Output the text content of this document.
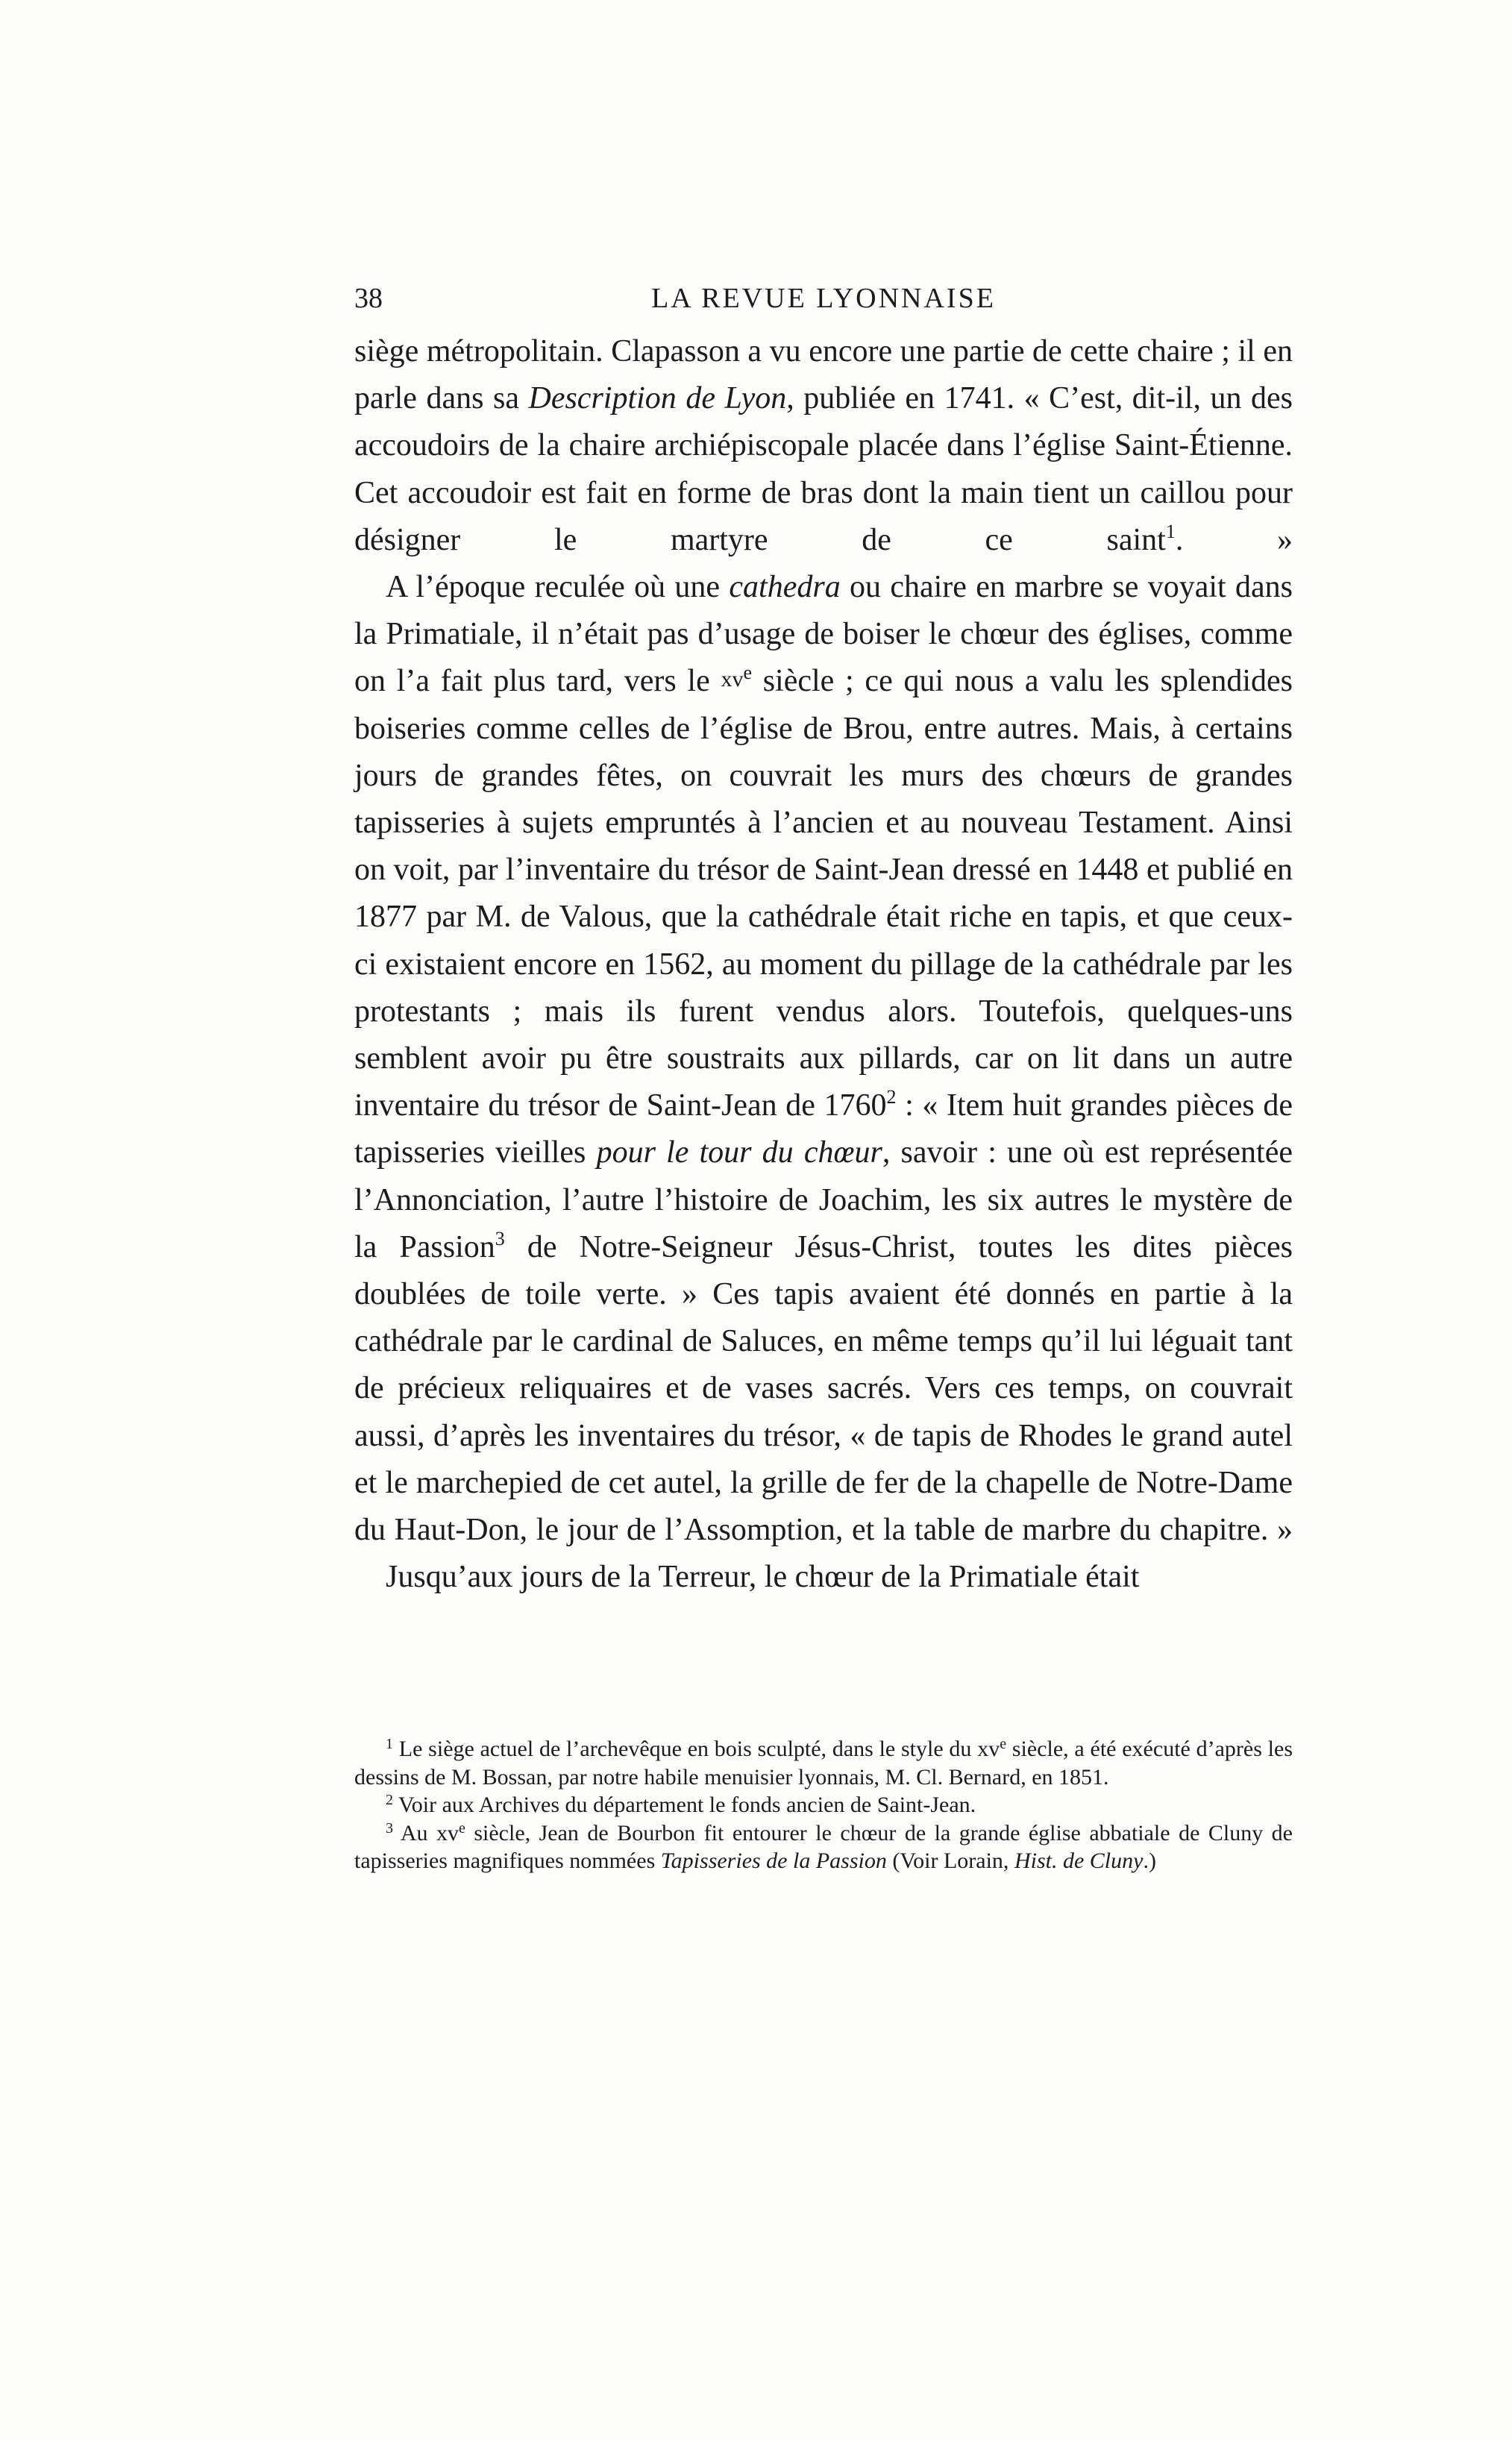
38	LA REVUE LYONNAISE

siège métropolitain. Clapasson a vu encore une partie de cette chaire ; il en parle dans sa Description de Lyon, publiée en 1741. « C’est, dit-il, un des accoudoirs de la chaire archiépiscopale placée dans l’église Saint-Étienne. Cet accoudoir est fait en forme de bras dont la main tient un caillou pour désigner le martyre de ce saint$^1$. »

A l’époque reculée où une cathedra ou chaire en marbre se voyait dans la Primatiale, il n’était pas d’usage de boiser le chœur des églises, comme on l’a fait plus tard, vers le xv$^e$ siècle ; ce qui nous a valu les splendides boiseries comme celles de l’église de Brou, entre autres. Mais, à certains jours de grandes fêtes, on couvrait les murs des chœurs de grandes tapisseries à sujets empruntés à l’ancien et au nouveau Testament. Ainsi on voit, par l’inventaire du trésor de Saint-Jean dressé en 1448 et publié en 1877 par M. de Valous, que la cathédrale était riche en tapis, et que ceux-ci existaient encore en 1562, au moment du pillage de la cathédrale par les protestants ; mais ils furent vendus alors. Toutefois, quelques-uns semblent avoir pu être soustraits aux pillards, car on lit dans un autre inventaire du trésor de Saint-Jean de 1760$^2$ : « Item huit grandes pièces de tapisseries vieilles pour le tour du chœur, savoir : une où est représentée l’Annonciation, l’autre l’histoire de Joachim, les six autres le mystère de la Passion$^3$ de Notre-Seigneur Jésus-Christ, toutes les dites pièces doublées de toile verte. » Ces tapis avaient été donnés en partie à la cathédrale par le cardinal de Saluces, en même temps qu’il lui léguait tant de précieux reliquaires et de vases sacrés. Vers ces temps, on couvrait aussi, d’après les inventaires du trésor, « de tapis de Rhodes le grand autel et le marchepied de cet autel, la grille de fer de la chapelle de Notre-Dame du Haut-Don, le jour de l’Assomption, et la table de marbre du chapitre. »

Jusqu’aux jours de la Terreur, le chœur de la Primatiale était

$^1$ Le siège actuel de l’archevêque en bois sculpté, dans le style du xv$^e$ siècle, a été exécuté d’après les dessins de M. Bossan, par notre habile menuisier lyonnais, M. Cl. Bernard, en 1851.

$^2$ Voir aux Archives du département le fonds ancien de Saint-Jean.

$^3$ Au xv$^e$ siècle, Jean de Bourbon fit entourer le chœur de la grande église abbatiale de Cluny de tapisseries magnifiques nommées Tapisseries de la Passion (Voir Lorain, Hist. de Cluny.)
